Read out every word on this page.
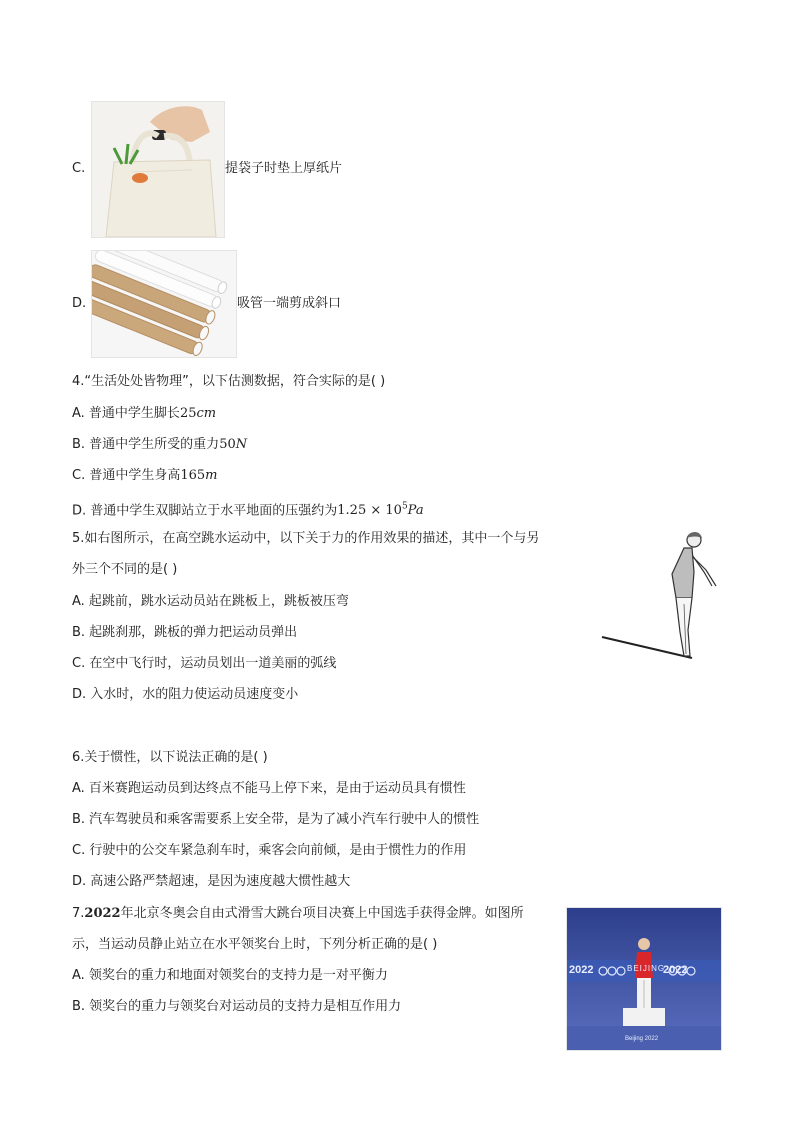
C.	提袋子时垫上厚纸片
D.	吸管一端剪成斜口
4.“生活处处皆物理”，以下估测数据，符合实际的是( )
A. 普通中学生脚长25cm
B. 普通中学生所受的重力50N
C. 普通中学生身高165m
D. 普通中学生双脚站立于水平地面的压强约为$1.25 \times 10^5Pa$
5.如右图所示，在高空跳水运动中，以下关于力的作用效果的描述，其中一个与另
外三个不同的是( )
A. 起跳前，跳水运动员站在跳板上，跳板被压弯
B. 起跳刹那，跳板的弹力把运动员弹出
C. 在空中飞行时，运动员划出一道美丽的弧线
D. 入水时，水的阻力使运动员速度变小
6.关于惯性，以下说法正确的是( )
A. 百米赛跑运动员到达终点不能马上停下来，是由于运动员具有惯性
B. 汽车驾驶员和乘客需要系上安全带，是为了减小汽车行驶中人的惯性
C. 行驶中的公交车紧急刹车时，乘客会向前倾，是由于惯性力的作用
D. 高速公路严禁超速，是因为速度越大惯性越大
7.2022年北京冬奥会自由式滑雪大跳台项目决赛上中国选手获得金牌。如图所
示，当运动员静止站立在水平领奖台上时，下列分析正确的是( )
A. 领奖台的重力和地面对领奖台的支持力是一对平衡力
B. 领奖台的重力与领奖台对运动员的支持力是相互作用力
2022	BEIJING
2022
Beijing 2022
